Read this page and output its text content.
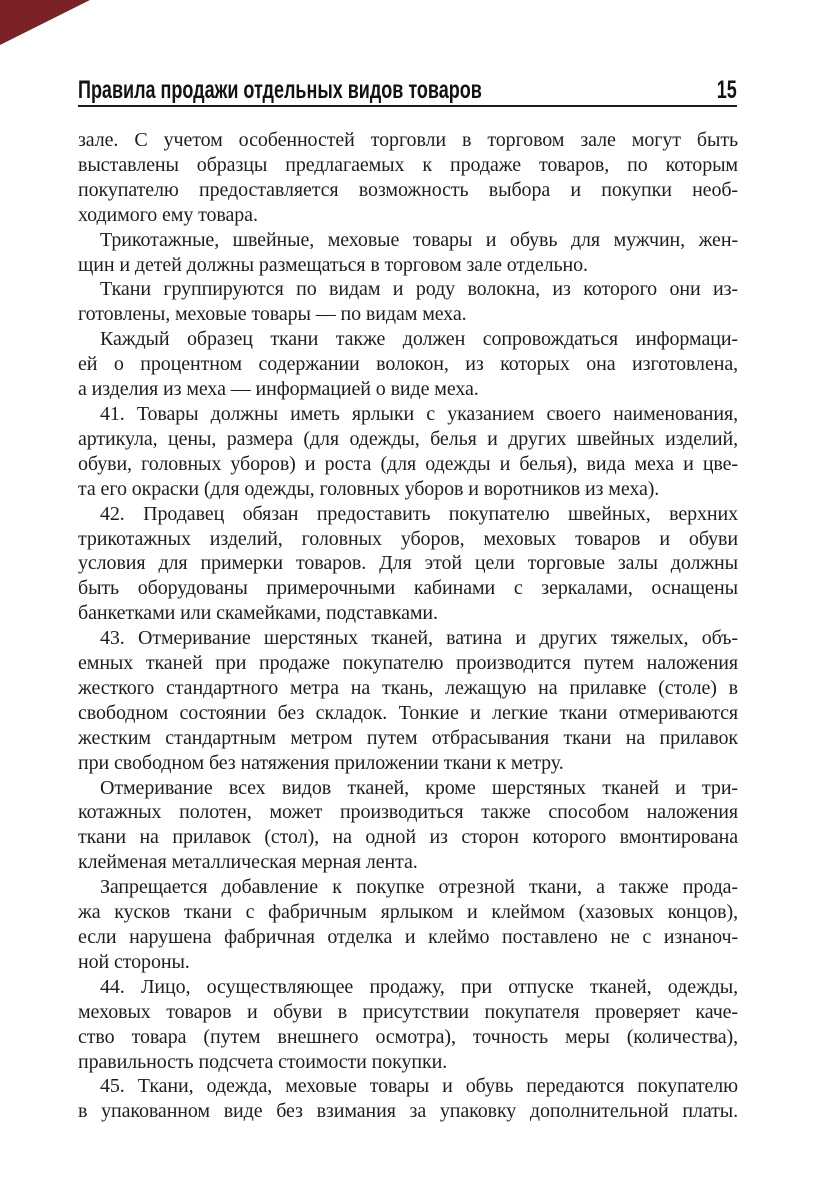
Правила продажи отдельных видов товаров	15

зале. С учетом особенностей торговли в торговом зале могут быть
выставлены образцы предлагаемых к продаже товаров, по которым
покупателю предоставляется возможность выбора и покупки необ-
ходимого ему товара.

Трикотажные, швейные, меховые товары и обувь для мужчин, жен-
щин и детей должны размещаться в торговом зале отдельно.

Ткани группируются по видам и роду волокна, из которого они из-
готовлены, меховые товары — по видам меха.

Каждый образец ткани также должен сопровождаться информаци-
ей о процентном содержании волокон, из которых она изготовлена,
а изделия из меха — информацией о виде меха.

41. Товары должны иметь ярлыки с указанием своего наименования,
артикула, цены, размера (для одежды, белья и других швейных изделий,
обуви, головных уборов) и роста (для одежды и белья), вида меха и цве-
та его окраски (для одежды, головных уборов и воротников из меха).

42. Продавец обязан предоставить покупателю швейных, верхних
трикотажных изделий, головных уборов, меховых товаров и обуви
условия для примерки товаров. Для этой цели торговые залы должны
быть оборудованы примерочными кабинами с зеркалами, оснащены
банкетками или скамейками, подставками.

43. Отмеривание шерстяных тканей, ватина и других тяжелых, объ-
емных тканей при продаже покупателю производится путем наложения
жесткого стандартного метра на ткань, лежащую на прилавке (столе) в
свободном состоянии без складок. Тонкие и легкие ткани отмериваются
жестким стандартным метром путем отбрасывания ткани на прилавок
при свободном без натяжения приложении ткани к метру.

Отмеривание всех видов тканей, кроме шерстяных тканей и три-
котажных полотен, может производиться также способом наложения
ткани на прилавок (стол), на одной из сторон которого вмонтирована
клейменая металлическая мерная лента.

Запрещается добавление к покупке отрезной ткани, а также прода-
жа кусков ткани с фабричным ярлыком и клеймом (хазовых концов),
если нарушена фабричная отделка и клеймо поставлено не с изнаноч-
ной стороны.

44. Лицо, осуществляющее продажу, при отпуске тканей, одежды,
меховых товаров и обуви в присутствии покупателя проверяет каче-
ство товара (путем внешнего осмотра), точность меры (количества),
правильность подсчета стоимости покупки.

45. Ткани, одежда, меховые товары и обувь передаются покупателю
в упакованном виде без взимания за упаковку дополнительной платы.
